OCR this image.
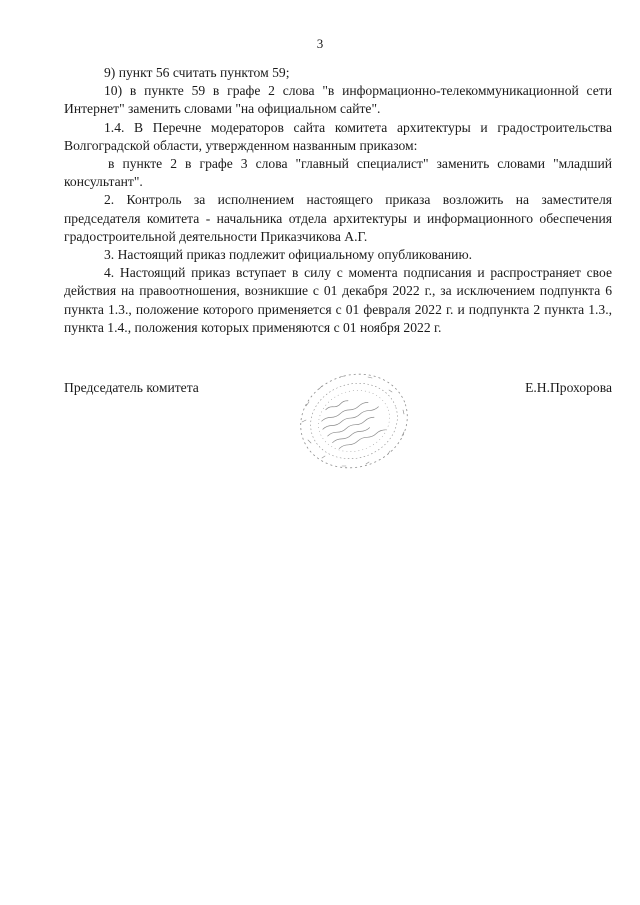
3

9) пункт 56 считать пунктом 59;

10) в пункте 59 в графе 2 слова "в информационно-телекоммуникационной сети Интернет" заменить словами "на официальном сайте".

1.4. В Перечне модераторов сайта комитета архитектуры и градостроительства Волгоградской области, утвержденном названным приказом:

в пункте 2 в графе 3 слова "главный специалист" заменить словами "младший консультант".

2. Контроль за исполнением настоящего приказа возложить на заместителя председателя комитета - начальника отдела архитектуры и информационного обеспечения градостроительной деятельности Приказчикова А.Г.

3. Настоящий приказ подлежит официальному опубликованию.

4. Настоящий приказ вступает в силу с момента подписания и распространяет свое действия на правоотношения, возникшие с 01 декабря 2022 г., за исключением подпункта 6 пункта 1.3., положение которого применяется с 01 февраля 2022 г. и подпункта 2 пункта 1.3., пункта 1.4., положения которых применяются с 01 ноября 2022 г.

Председатель комитета	Е.Н.Прохорова
